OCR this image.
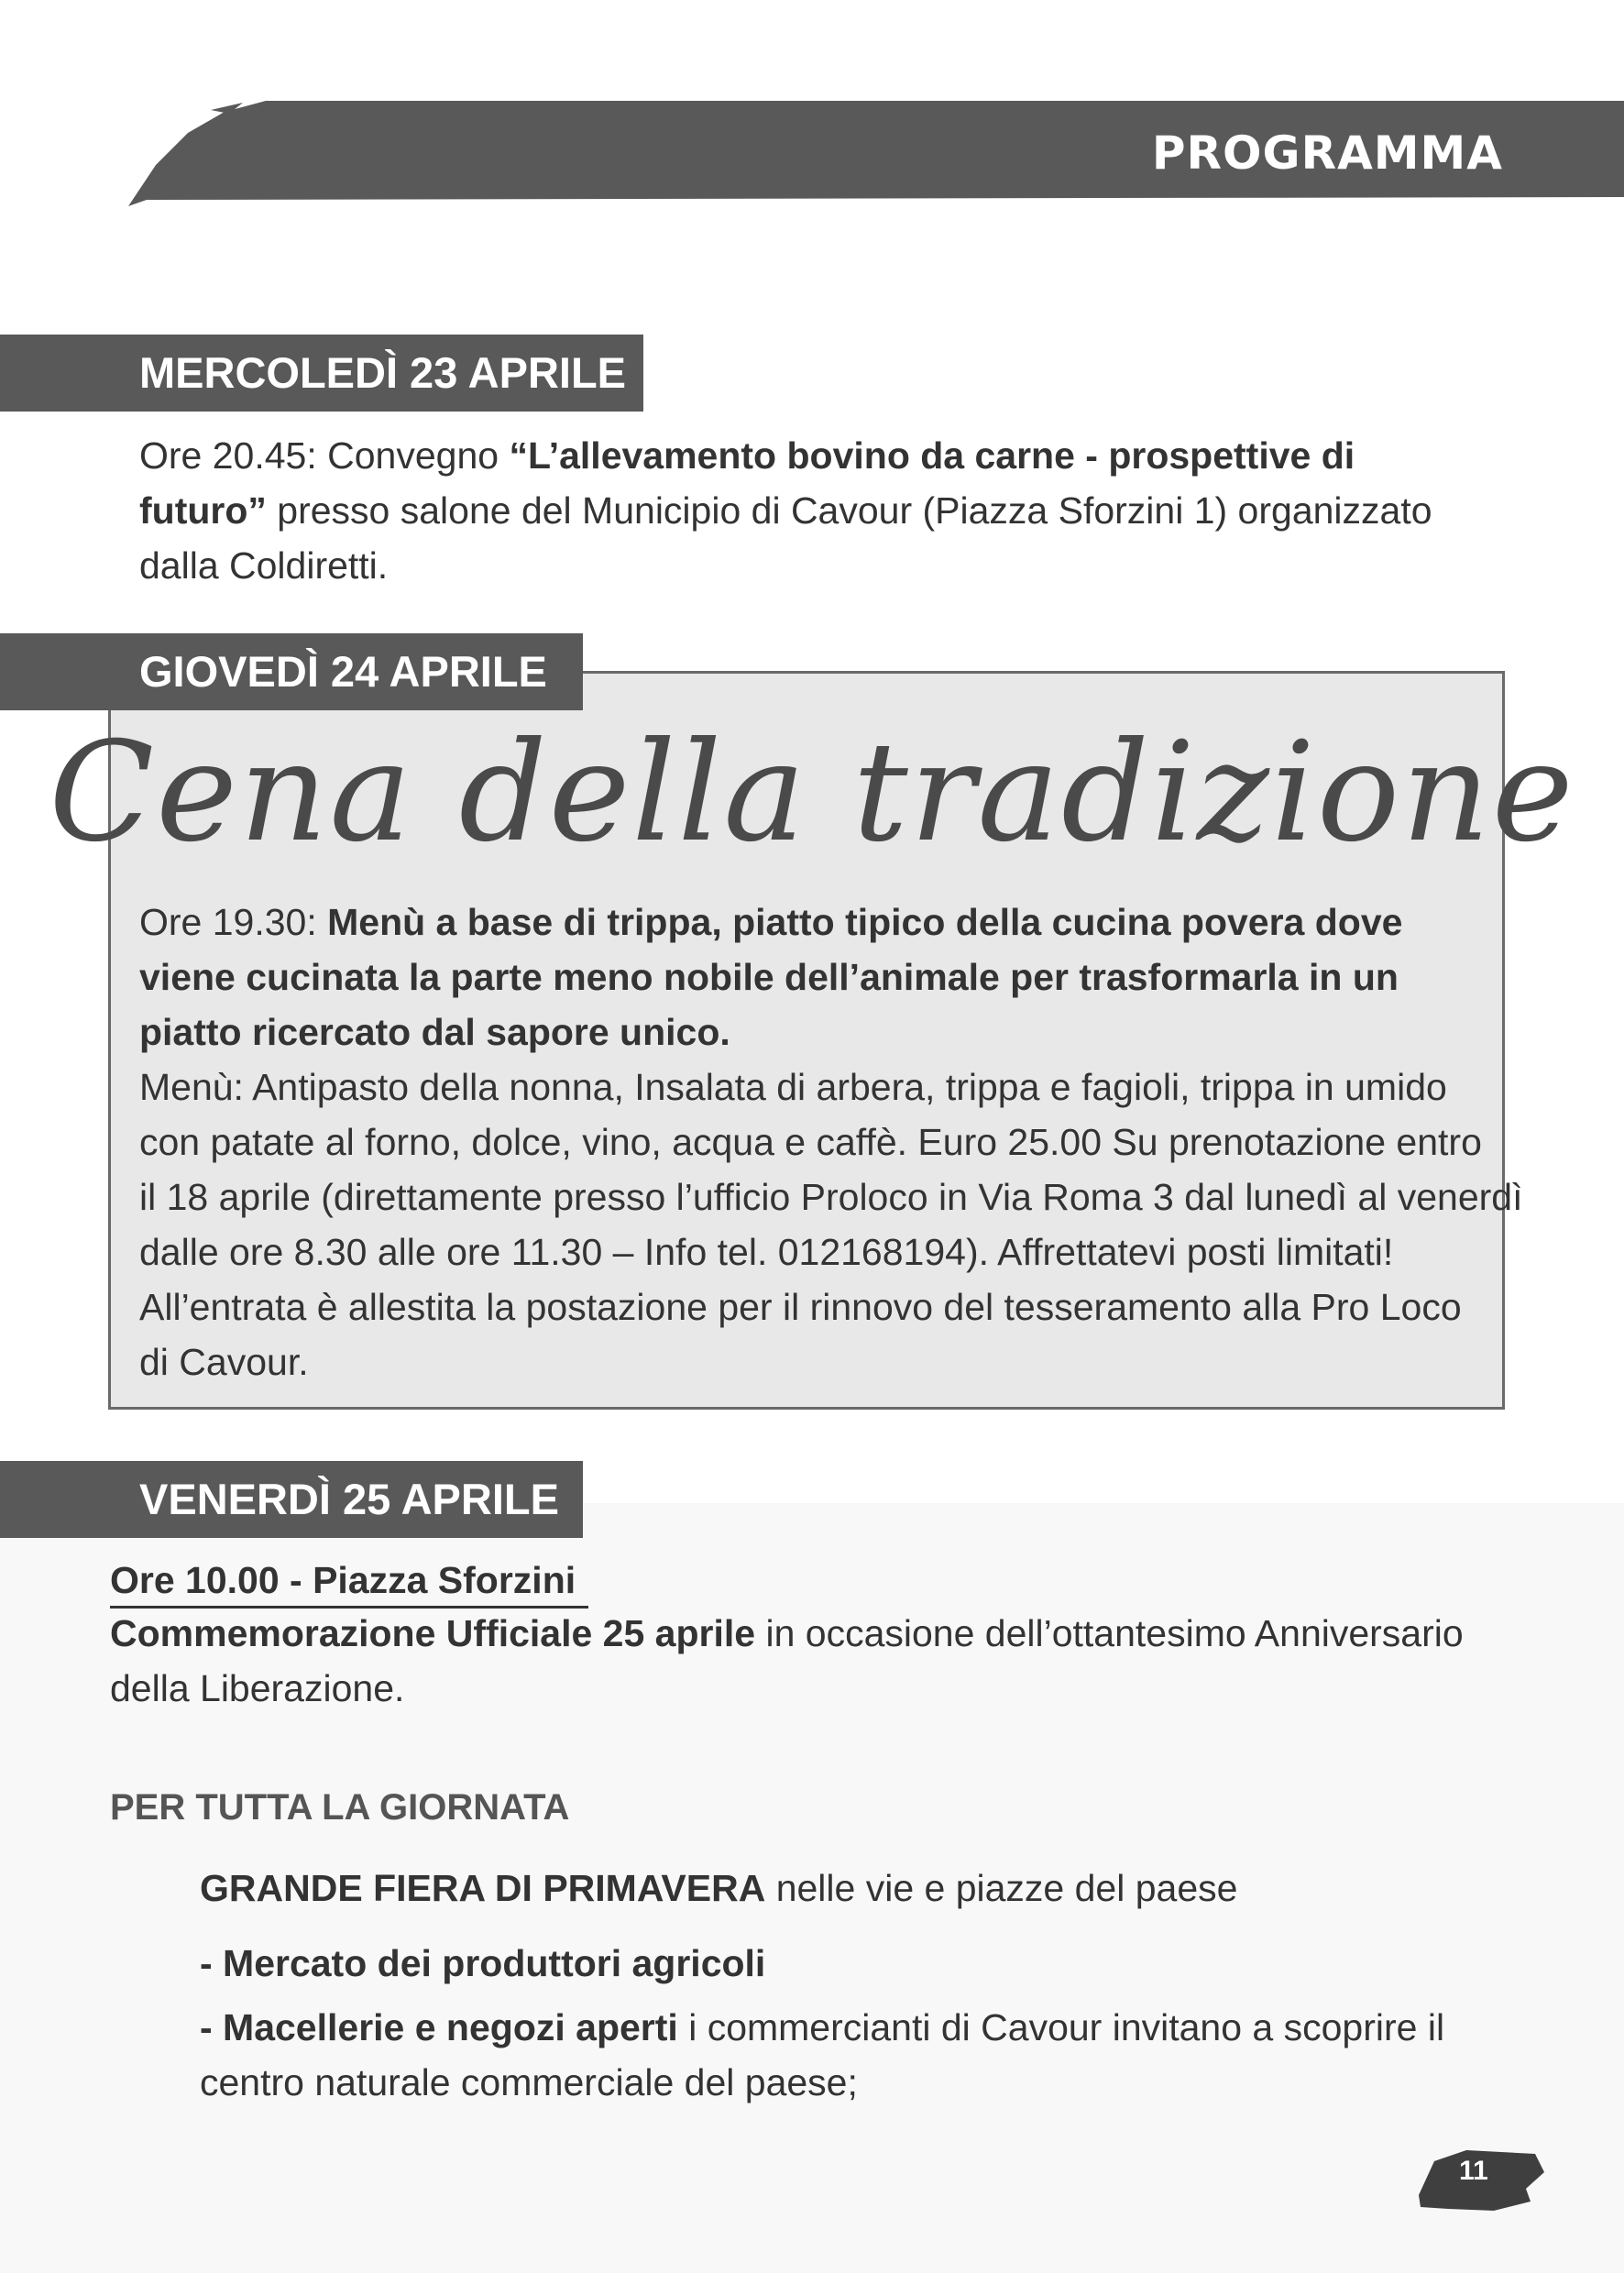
PROGRAMMA
MERCOLEDÌ 23 APRILE
Ore 20.45: Convegno “L’allevamento bovino da carne - prospettive di
futuro” presso salone del Municipio di Cavour (Piazza Sforzini 1) organizzato
dalla Coldiretti.
GIOVEDÌ 24 APRILE
Cena della tradizione
Ore 19.30: Menù a base di trippa, piatto tipico della cucina povera dove
viene cucinata la parte meno nobile dell’animale per trasformarla in un
piatto ricercato dal sapore unico.
Menù: Antipasto della nonna, Insalata di arbera, trippa e fagioli, trippa in umido
con patate al forno, dolce, vino, acqua e caffè. Euro 25.00 Su prenotazione entro
il 18 aprile (direttamente presso l’ufficio Proloco in Via Roma 3 dal lunedì al venerdì
dalle ore 8.30 alle ore 11.30 – Info tel. 012168194). Affrettatevi posti limitati!
All’entrata è allestita la postazione per il rinnovo del tesseramento alla Pro Loco
di Cavour.
VENERDÌ 25 APRILE
Ore 10.00 - Piazza Sforzini
Commemorazione Ufficiale 25 aprile in occasione dell’ottantesimo Anniversario
della Liberazione.
PER TUTTA LA GIORNATA
GRANDE FIERA DI PRIMAVERA nelle vie e piazze del paese
- Mercato dei produttori agricoli
- Macellerie e negozi aperti i commercianti di Cavour invitano a scoprire il
centro naturale commerciale del paese;
11
